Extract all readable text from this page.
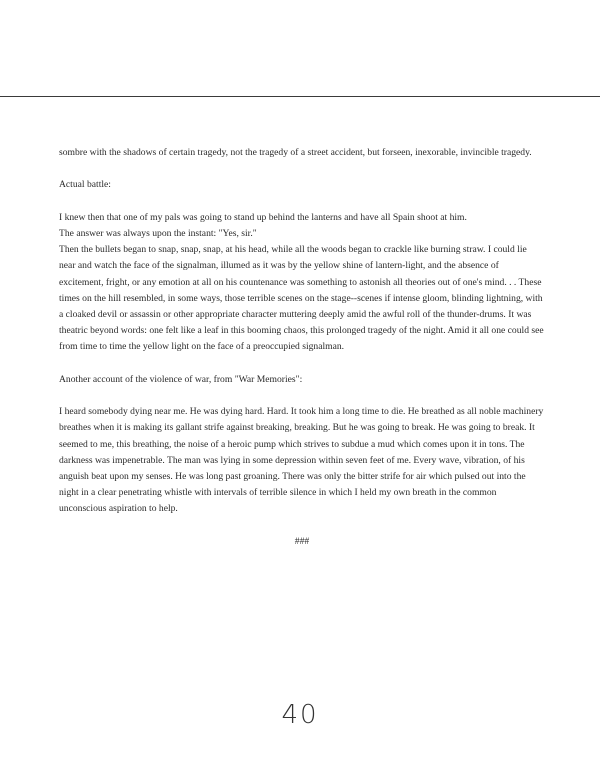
sombre with the shadows of certain tragedy, not the tragedy of a street accident, but forseen, inexorable, invincible tragedy.

Actual battle:

I knew then that one of my pals was going to stand up behind the lanterns and have all Spain shoot at him.

The answer was always upon the instant: "Yes, sir."

Then the bullets began to snap, snap, snap, at his head, while all the woods began to crackle like burning straw. I could lie near and watch the face of the signalman, illumed as it was by the yellow shine of lantern-light, and the absence of excitement, fright, or any emotion at all on his countenance was something to astonish all theories out of one's mind. . . These times on the hill resembled, in some ways, those terrible scenes on the stage--scenes if intense gloom, blinding lightning, with a cloaked devil or assassin or other appropriate character muttering deeply amid the awful roll of the thunder-drums. It was theatric beyond words: one felt like a leaf in this booming chaos, this prolonged tragedy of the night. Amid it all one could see from time to time the yellow light on the face of a preoccupied signalman.

Another account of the violence of war, from "War Memories":

I heard somebody dying near me. He was dying hard. Hard. It took him a long time to die. He breathed as all noble machinery breathes when it is making its gallant strife against breaking, breaking. But he was going to break. He was going to break. It seemed to me, this breathing, the noise of a heroic pump which strives to subdue a mud which comes upon it in tons. The darkness was impenetrable. The man was lying in some depression within seven feet of me. Every wave, vibration, of his anguish beat upon my senses. He was long past groaning. There was only the bitter strife for air which pulsed out into the night in a clear penetrating whistle with intervals of terrible silence in which I held my own breath in the common unconscious aspiration to help.

###

40
